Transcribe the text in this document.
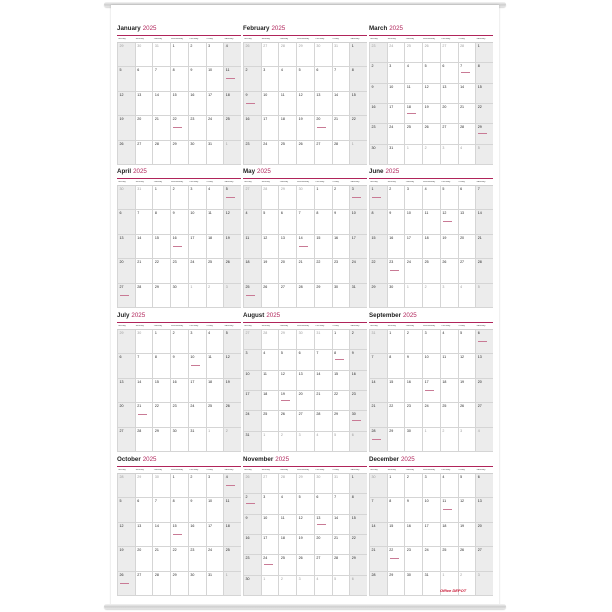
January 2025
Sunday	Monday	Tuesday	Wednesday	Thursday	Friday	Saturday
29	30	31	1	2	3	4
5	6	7	8	9	10	11
12	13	14	15	16	17	18
19	20	21	22	23	24	25
26	27	28	29	30	31	1
February 2025
Sunday	Monday	Tuesday	Wednesday	Thursday	Friday	Saturday
26	27	28	29	30	31	1
2	3	4	5	6	7	8
9	10	11	12	13	14	15
16	17	18	19	20	21	22
23	24	25	26	27	28	1
March 2025
Sunday	Monday	Tuesday	Wednesday	Thursday	Friday	Saturday
23	24	25	26	27	28	1
2	3	4	5	6	7	8
9	10	11	12	13	14	15
16	17	18	19	20	21	22
23	24	25	26	27	28	29
30	31	1	2	3	4	5
April 2025
Sunday	Monday	Tuesday	Wednesday	Thursday	Friday	Saturday
30	31	1	2	3	4	5
6	7	8	9	10	11	12
13	14	15	16	17	18	19
20	21	22	23	24	25	26
27	28	29	30	1	2	3
May 2025
Sunday	Monday	Tuesday	Wednesday	Thursday	Friday	Saturday
27	28	29	30	1	2	3
4	5	6	7	8	9	10
11	12	13	14	15	16	17
18	19	20	21	22	23	24
25	26	27	28	29	30	31
June 2025
Sunday	Monday	Tuesday	Wednesday	Thursday	Friday	Saturday
1	2	3	4	5	6	7
8	9	10	11	12	13	14
15	16	17	18	19	20	21
22	23	24	25	26	27	28
29	30	1	2	3	4	5
July 2025
Sunday	Monday	Tuesday	Wednesday	Thursday	Friday	Saturday
29	30	1	2	3	4	5
6	7	8	9	10	11	12
13	14	15	16	17	18	19
20	21	22	23	24	25	26
27	28	29	30	31	1	2
August 2025
Sunday	Monday	Tuesday	Wednesday	Thursday	Friday	Saturday
27	28	29	30	31	1	2
3	4	5	6	7	8	9
10	11	12	13	14	15	16
17	18	19	20	21	22	23
24	25	26	27	28	29	30
31	1	2	3	4	5	6
September 2025
Sunday	Monday	Tuesday	Wednesday	Thursday	Friday	Saturday
31	1	2	3	4	5	6
7	8	9	10	11	12	13
14	15	16	17	18	19	20
21	22	23	24	25	26	27
28	29	30	1	2	3	4
October 2025
Sunday	Monday	Tuesday	Wednesday	Thursday	Friday	Saturday
28	29	30	1	2	3	4
5	6	7	8	9	10	11
12	13	14	15	16	17	18
19	20	21	22	23	24	25
26	27	28	29	30	31	1
November 2025
Sunday	Monday	Tuesday	Wednesday	Thursday	Friday	Saturday
26	27	28	29	30	31	1
2	3	4	5	6	7	8
9	10	11	12	13	14	15
16	17	18	19	20	21	22
23	24	25	26	27	28	29
30	1	2	3	4	5	6
December 2025
Sunday	Monday	Tuesday	Wednesday	Thursday	Friday	Saturday
30	1	2	3	4	5	6
7	8	9	10	11	12	13
14	15	16	17	18	19	20
21	22	23	24	25	26	27
28	29	30	31	1	2	3
Office DEPOT
